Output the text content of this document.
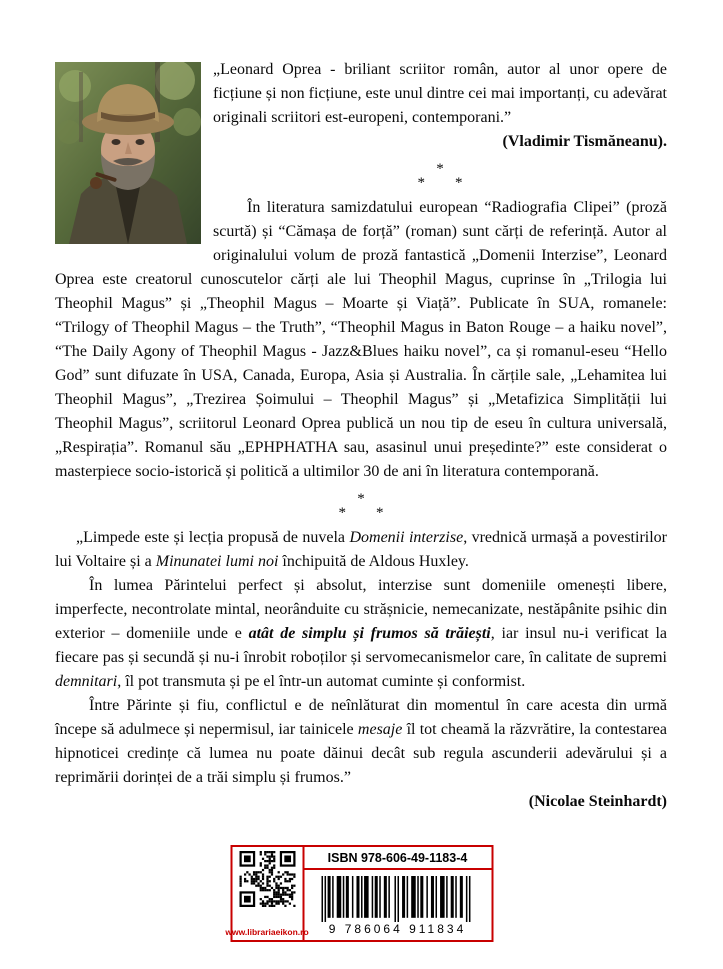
„Leonard Oprea - briliant scriitor român, autor al unor opere de ficțiune și non ficțiune, este unul dintre cei mai importanți, cu adevărat originali scriitori est-europeni, contemporani.”

(Vladimir Tismăneanu).

*
*        *

În literatura samizdatului european “Radiografia Clipei” (proză scurtă) și “Cămașa de forță” (roman) sunt cărți de referință. Autor al originalului volum de proză fantastică „Domenii Interzise”, Leonard Oprea este creatorul cunoscutelor cărți ale lui Theophil Magus, cuprinse în „Trilogia lui Theophil Magus” și „Theophil Magus – Moarte și Viață”. Publicate în SUA, romanele: “Trilogy of Theophil Magus – the Truth”, “Theophil Magus in Baton Rouge – a haiku novel”, “The Daily Agony of Theophil Magus - Jazz&Blues haiku novel”, ca și romanul-eseu “Hello God” sunt difuzate în USA, Canada, Europa, Asia și Australia. În cărțile sale, „Lehamitea lui Theophil Magus”, „Trezirea Șoimului – Theophil Magus” și „Metafizica Simplității lui Theophil Magus”, scriitorul Leonard Oprea publică un nou tip de eseu în cultura universală, „Respirația”. Romanul său „EPHPHATHA sau, asasinul unui președinte?” este considerat o masterpiece socio-istorică și politică a ultimilor 30 de ani în literatura contemporană.

*
*        *

„Limpede este și lecția propusă de nuvela Domenii interzise, vrednică urmașă a povestirilor lui Voltaire și a Minunatei lumi noi închipuită de Aldous Huxley.

În lumea Părintelui perfect și absolut, interzise sunt domeniile omenești libere, imperfecte, necontrolate mintal, neorânduite cu strășnicie, nemecanizate, nestăpânite psihic din exterior – domeniile unde e atât de simplu și frumos să trăiești, iar insul nu-i verificat la fiecare pas și secundă și nu-i înrobit roboților și servomecanismelor care, în calitate de supremi demnitari, îl pot transmuta și pe el într-un automat cuminte și conformist.

Între Părinte și fiu, conflictul e de neînlăturat din momentul în care acesta din urmă începe să adulmece și nepermisul, iar tainicele mesaje îl tot cheamă la răzvrătire, la contestarea hipnoticei credințe că lumea nu poate dăinui decât sub regula ascunderii adevărului și a reprimării dorinței de a trăi simplu și frumos.”

(Nicolae Steinhardt)

www.librariaeikon.ro
ISBN 978-606-49-1183-4
9 786064 911834
